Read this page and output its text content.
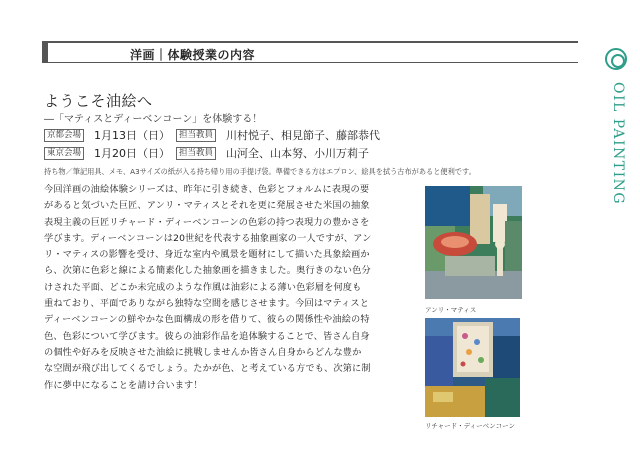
洋画｜体験授業の内容
OIL PAINTING
ようこそ油絵へ
―「マティスとディーベンコーン」を体験する！
京都会場 1月13日（日）	担当教員 川村悦子、相見節子、藤部恭代
東京会場 1月20日（日）	担当教員 山河全、山本努、小川万莉子
持ち物／筆記用具、メモ、A3サイズの紙が入る持ち帰り用の手提げ袋。準備できる方はエプロン、絵具を拭う古布があると便利です。
今回洋画の油絵体験シリーズは、昨年に引き続き、色彩とフォルムに表現の要
があると気づいた巨匠、アンリ・マティスとそれを更に発展させた米国の抽象
表現主義の巨匠リチャード・ディーベンコーンの色彩の持つ表現力の豊かさを
学びます。ディーベンコーンは20世紀を代表する抽象画家の一人ですが、アン
リ・マティスの影響を受け、身近な室内や風景を題材にして描いた具象絵画か
ら、次第に色彩と線による簡素化した抽象画を描きました。奥行きのない色分
けされた平面、どこか未完成のような作風は油彩による薄い色彩層を何度も
重ねており、平面でありながら独特な空間を感じさせます。今回はマティスと
ディーベンコーンの鮮やかな色面構成の形を借りて、彼らの関係性や油絵の特
色、色彩について学びます。彼らの油彩作品を追体験することで、皆さん自身
の個性や好みを反映させた油絵に挑戦しませんか皆さん自身からどんな豊か
な空間が飛び出してくるでしょう。たかが色、と考えている方でも、次第に制
作に夢中になることを請け合います！
アンリ・マティス
リチャード・ディーベンコーン
